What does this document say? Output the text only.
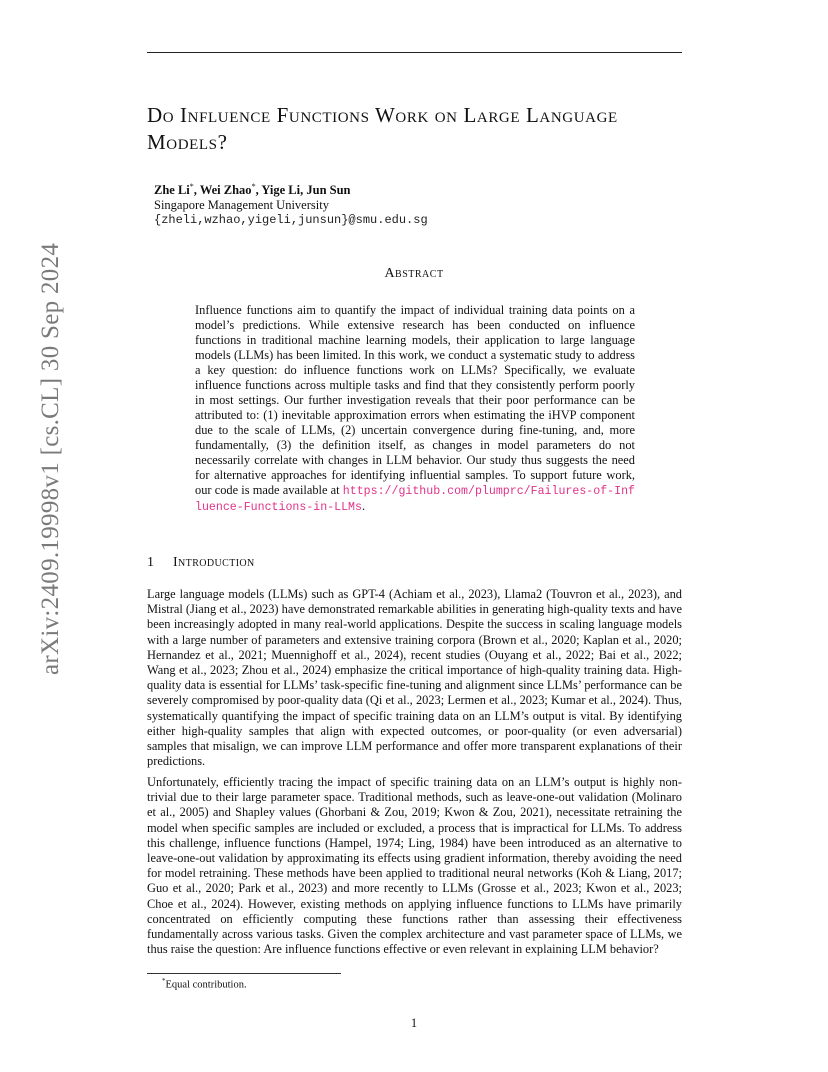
arXiv:2409.19998v1 [cs.CL] 30 Sep 2024
Do Influence Functions Work on Large Language Models?
Zhe Li*, Wei Zhao*, Yige Li, Jun Sun
Singapore Management University
{zheli,wzhao,yigeli,junsun}@smu.edu.sg
Abstract
Influence functions aim to quantify the impact of individual training data points on a model’s predictions. While extensive research has been conducted on influence functions in traditional machine learning models, their application to large language models (LLMs) has been limited. In this work, we conduct a systematic study to address a key question: do influence functions work on LLMs? Specifically, we evaluate influence functions across multiple tasks and find that they consistently perform poorly in most settings. Our further investigation reveals that their poor performance can be attributed to: (1) inevitable approximation errors when estimating the iHVP component due to the scale of LLMs, (2) uncertain convergence during fine-tuning, and, more fundamentally, (3) the definition itself, as changes in model parameters do not necessarily correlate with changes in LLM behavior. Our study thus suggests the need for alternative approaches for identifying influential samples. To support future work, our code is made available at https://github.com/plumprc/Failures-of-Influence-Functions-in-LLMs.
1 Introduction
Large language models (LLMs) such as GPT-4 (Achiam et al., 2023), Llama2 (Touvron et al., 2023), and Mistral (Jiang et al., 2023) have demonstrated remarkable abilities in generating high-quality texts and have been increasingly adopted in many real-world applications. Despite the success in scaling language models with a large number of parameters and extensive training corpora (Brown et al., 2020; Kaplan et al., 2020; Hernandez et al., 2021; Muennighoff et al., 2024), recent studies (Ouyang et al., 2022; Bai et al., 2022; Wang et al., 2023; Zhou et al., 2024) emphasize the critical importance of high-quality training data. High-quality data is essential for LLMs’ task-specific fine-tuning and alignment since LLMs’ performance can be severely compromised by poor-quality data (Qi et al., 2023; Lermen et al., 2023; Kumar et al., 2024). Thus, systematically quantifying the impact of specific training data on an LLM’s output is vital. By identifying either high-quality samples that align with expected outcomes, or poor-quality (or even adversarial) samples that misalign, we can improve LLM performance and offer more transparent explanations of their predictions.
Unfortunately, efficiently tracing the impact of specific training data on an LLM’s output is highly non-trivial due to their large parameter space. Traditional methods, such as leave-one-out validation (Molinaro et al., 2005) and Shapley values (Ghorbani & Zou, 2019; Kwon & Zou, 2021), necessitate retraining the model when specific samples are included or excluded, a process that is impractical for LLMs. To address this challenge, influence functions (Hampel, 1974; Ling, 1984) have been introduced as an alternative to leave-one-out validation by approximating its effects using gradient information, thereby avoiding the need for model retraining. These methods have been applied to traditional neural networks (Koh & Liang, 2017; Guo et al., 2020; Park et al., 2023) and more recently to LLMs (Grosse et al., 2023; Kwon et al., 2023; Choe et al., 2024). However, existing methods on applying influence functions to LLMs have primarily concentrated on efficiently computing these functions rather than assessing their effectiveness fundamentally across various tasks. Given the complex architecture and vast parameter space of LLMs, we thus raise the question: Are influence functions effective or even relevant in explaining LLM behavior?
*Equal contribution.
1
